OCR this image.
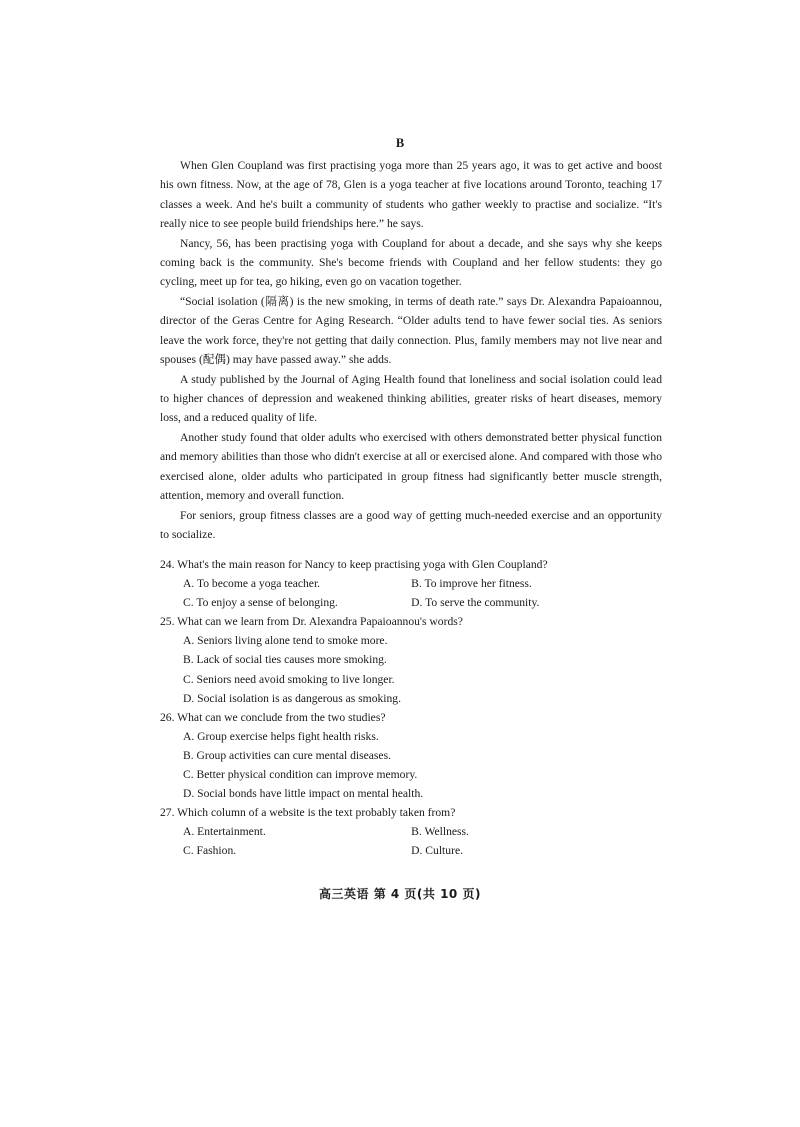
B

When Glen Coupland was first practising yoga more than 25 years ago, it was to get active and boost his own fitness. Now, at the age of 78, Glen is a yoga teacher at five locations around Toronto, teaching 17 classes a week. And he's built a community of students who gather weekly to practise and socialize. “It's really nice to see people build friendships here.” he says.

Nancy, 56, has been practising yoga with Coupland for about a decade, and she says why she keeps coming back is the community. She's become friends with Coupland and her fellow students: they go cycling, meet up for tea, go hiking, even go on vacation together.

“Social isolation (隔离) is the new smoking, in terms of death rate.” says Dr. Alexandra Papaioannou, director of the Geras Centre for Aging Research. “Older adults tend to have fewer social ties. As seniors leave the work force, they're not getting that daily connection. Plus, family members may not live near and spouses (配偶) may have passed away.” she adds.

A study published by the Journal of Aging Health found that loneliness and social isolation could lead to higher chances of depression and weakened thinking abilities, greater risks of heart diseases, memory loss, and a reduced quality of life.

Another study found that older adults who exercised with others demonstrated better physical function and memory abilities than those who didn't exercise at all or exercised alone. And compared with those who exercised alone, older adults who participated in group fitness had significantly better muscle strength, attention, memory and overall function.

For seniors, group fitness classes are a good way of getting much-needed exercise and an opportunity to socialize.

24. What's the main reason for Nancy to keep practising yoga with Glen Coupland?

A. To become a yoga teacher.	B. To improve her fitness.
C. To enjoy a sense of belonging.	D. To serve the community.

25. What can we learn from Dr. Alexandra Papaioannou's words?

A. Seniors living alone tend to smoke more.
B. Lack of social ties causes more smoking.
C. Seniors need avoid smoking to live longer.
D. Social isolation is as dangerous as smoking.

26. What can we conclude from the two studies?

A. Group exercise helps fight health risks.
B. Group activities can cure mental diseases.
C. Better physical condition can improve memory.
D. Social bonds have little impact on mental health.

27. Which column of a website is the text probably taken from?

A. Entertainment.	B. Wellness.
C. Fashion.	D. Culture.
高三英语 第 4 页(共 10 页)
